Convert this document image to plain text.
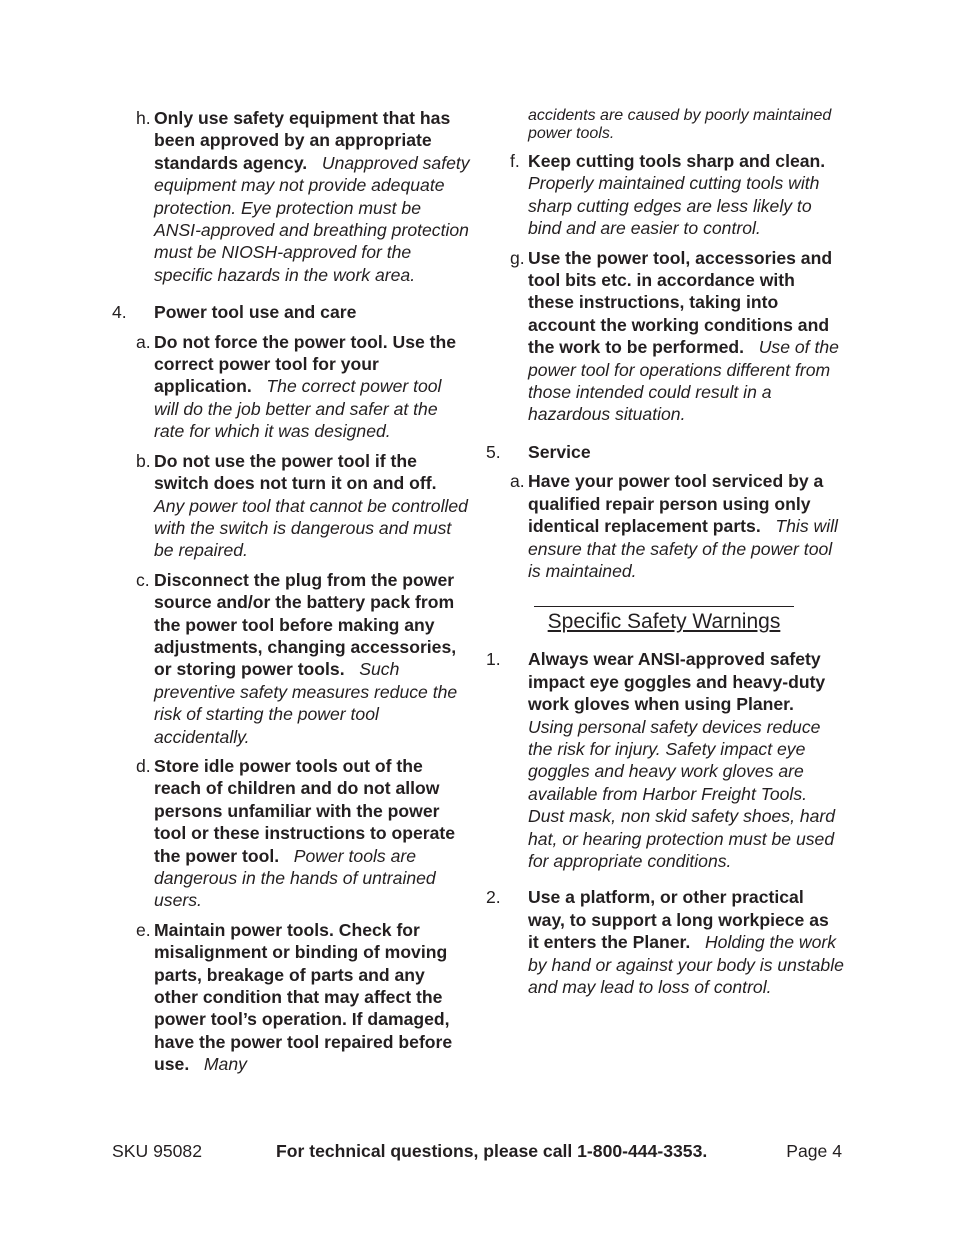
h. Only use safety equipment that has been approved by an appropriate standards agency.   Unapproved safety equipment may not provide adequate protection. Eye protection must be ANSI-approved and breathing protection must be NIOSH-approved for the specific hazards in the work area.
4. Power tool use and care
a. Do not force the power tool. Use the correct power tool for your application.   The correct power tool will do the job better and safer at the rate for which it was designed.
b. Do not use the power tool if the switch does not turn it on and off.   Any power tool that cannot be controlled with the switch is dangerous and must be repaired.
c. Disconnect the plug from the power source and/or the battery pack from the power tool before making any adjustments, changing accessories, or storing power tools.   Such preventive safety measures reduce the risk of starting the power tool accidentally.
d. Store idle power tools out of the reach of children and do not allow persons unfamiliar with the power tool or these instructions to operate the power tool.   Power tools are dangerous in the hands of untrained users.
e. Maintain power tools. Check for misalignment or binding of moving parts, breakage of parts and any other condition that may affect the power tool’s operation. If damaged, have the power tool repaired before use.   Many
accidents are caused by poorly maintained power tools.
f. Keep cutting tools sharp and clean.   Properly maintained cutting tools with sharp cutting edges are less likely to bind and are easier to control.
g. Use the power tool, accessories and tool bits etc. in accordance with these instructions, taking into account the working conditions and the work to be performed.   Use of the power tool for operations different from those intended could result in a hazardous situation.
5. Service
a. Have your power tool serviced by a qualified repair person using only identical replacement parts.   This will ensure that the safety of the power tool is maintained.
Specific Safety Warnings
1. Always wear ANSI-approved safety impact eye goggles and heavy-duty work gloves when using Planer.   Using personal safety devices reduce the risk for injury. Safety impact eye goggles and heavy work gloves are available from Harbor Freight Tools. Dust mask, non skid safety shoes, hard hat, or hearing protection must be used for appropriate conditions.
2. Use a platform, or other practical way, to support a long workpiece as it enters the Planer.   Holding the work by hand or against your body is unstable and may lead to loss of control.
SKU 95082	For technical questions, please call 1-800-444-3353.	Page 4
